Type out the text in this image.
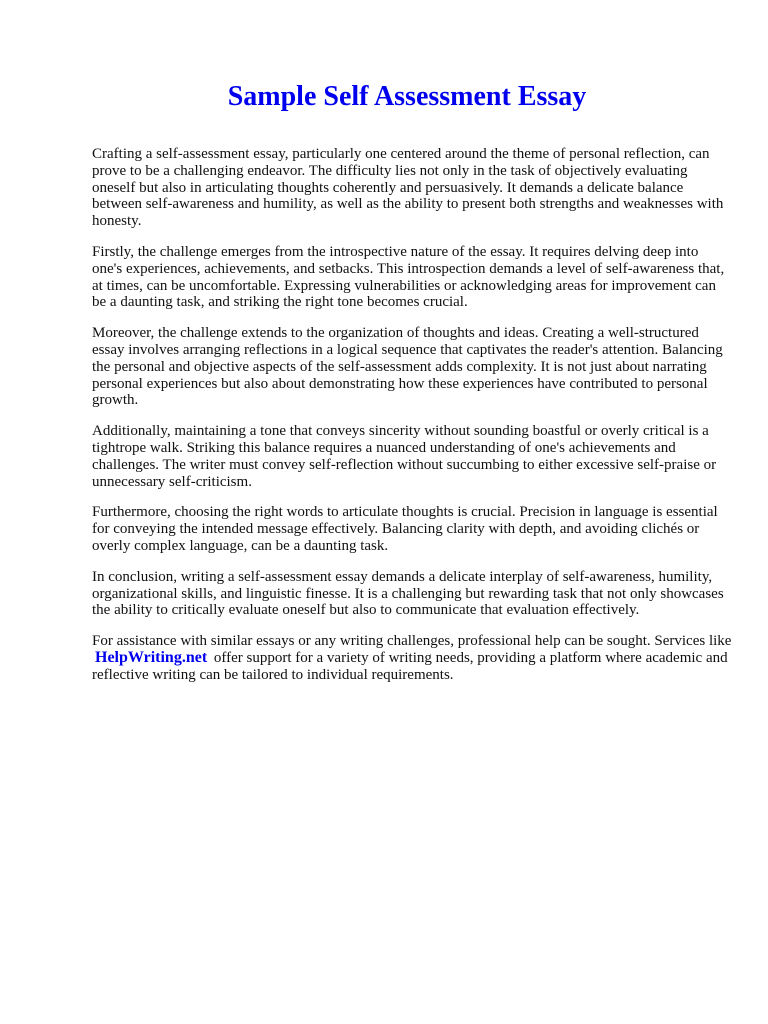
Sample Self Assessment Essay

Crafting a self-assessment essay, particularly one centered around the theme of personal reflection, can prove to be a challenging endeavor. The difficulty lies not only in the task of objectively evaluating oneself but also in articulating thoughts coherently and persuasively. It demands a delicate balance between self-awareness and humility, as well as the ability to present both strengths and weaknesses with honesty.

Firstly, the challenge emerges from the introspective nature of the essay. It requires delving deep into one's experiences, achievements, and setbacks. This introspection demands a level of self-awareness that, at times, can be uncomfortable. Expressing vulnerabilities or acknowledging areas for improvement can be a daunting task, and striking the right tone becomes crucial.

Moreover, the challenge extends to the organization of thoughts and ideas. Creating a well-structured essay involves arranging reflections in a logical sequence that captivates the reader's attention. Balancing the personal and objective aspects of the self-assessment adds complexity. It is not just about narrating personal experiences but also about demonstrating how these experiences have contributed to personal growth.

Additionally, maintaining a tone that conveys sincerity without sounding boastful or overly critical is a tightrope walk. Striking this balance requires a nuanced understanding of one's achievements and challenges. The writer must convey self-reflection without succumbing to either excessive self-praise or unnecessary self-criticism.

Furthermore, choosing the right words to articulate thoughts is crucial. Precision in language is essential for conveying the intended message effectively. Balancing clarity with depth, and avoiding clichés or overly complex language, can be a daunting task.

In conclusion, writing a self-assessment essay demands a delicate interplay of self-awareness, humility, organizational skills, and linguistic finesse. It is a challenging but rewarding task that not only showcases the ability to critically evaluate oneself but also to communicate that evaluation effectively.

For assistance with similar essays or any writing challenges, professional help can be sought. Services like HelpWriting.net offer support for a variety of writing needs, providing a platform where academic and reflective writing can be tailored to individual requirements.
